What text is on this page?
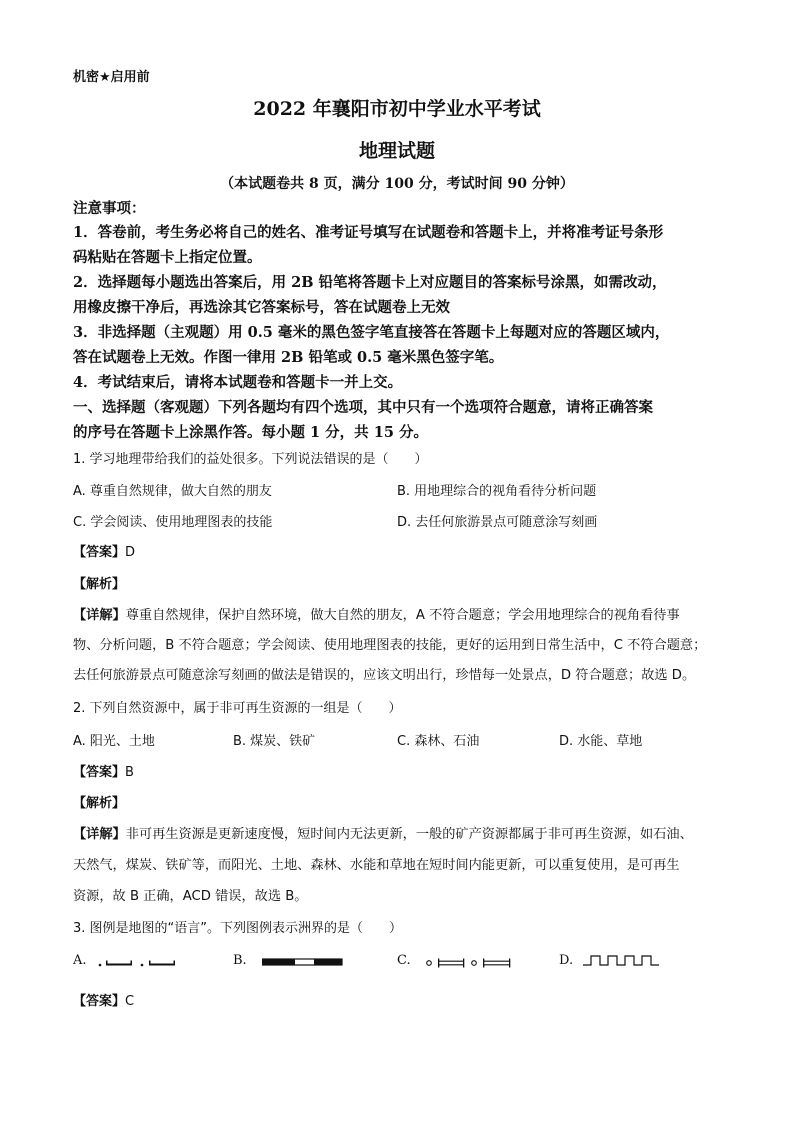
机密★启用前
2022 年襄阳市初中学业水平考试
地理试题
（本试题卷共 8 页，满分 100 分，考试时间 90 分钟）
注意事项：
1．答卷前，考生务必将自己的姓名、准考证号填写在试题卷和答题卡上，并将准考证号条形
码粘贴在答题卡上指定位置。
2．选择题每小题选出答案后，用 2B 铅笔将答题卡上对应题目的答案标号涂黑，如需改动，
用橡皮擦干净后，再选涂其它答案标号，答在试题卷上无效
3．非选择题（主观题）用 0.5 毫米的黑色签字笔直接答在答题卡上每题对应的答题区域内，
答在试题卷上无效。作图一律用 2B 铅笔或 0.5 毫米黑色签字笔。
4．考试结束后，请将本试题卷和答题卡一并上交。
一、选择题（客观题）下列各题均有四个选项，其中只有一个选项符合题意，请将正确答案
的序号在答题卡上涂黑作答。每小题 1 分，共 15 分。
1. 学习地理带给我们的益处很多。下列说法错误的是（　　）
A. 尊重自然规律，做大自然的朋友	B. 用地理综合的视角看待分析问题
C. 学会阅读、使用地理图表的技能	D. 去任何旅游景点可随意涂写刻画
【答案】D
【解析】
【详解】尊重自然规律，保护自然环境，做大自然的朋友，A 不符合题意；学会用地理综合的视角看待事
物、分析问题，B 不符合题意；学会阅读、使用地理图表的技能，更好的运用到日常生活中，C 不符合题意；
去任何旅游景点可随意涂写刻画的做法是错误的，应该文明出行，珍惜每一处景点，D 符合题意；故选 D。
2. 下列自然资源中，属于非可再生资源的一组是（　　）
A. 阳光、土地	B. 煤炭、铁矿	C. 森林、石油	D. 水能、草地
【答案】B
【解析】
【详解】非可再生资源是更新速度慢，短时间内无法更新，一般的矿产资源都属于非可再生资源，如石油、
天然气，煤炭、铁矿等，而阳光、土地、森林、水能和草地在短时间内能更新，可以重复使用，是可再生
资源，故 B 正确，ACD 错误，故选 B。
3. 图例是地图的“语言”。下列图例表示洲界的是（　　）
A.	B.	C.	D.
【答案】C
